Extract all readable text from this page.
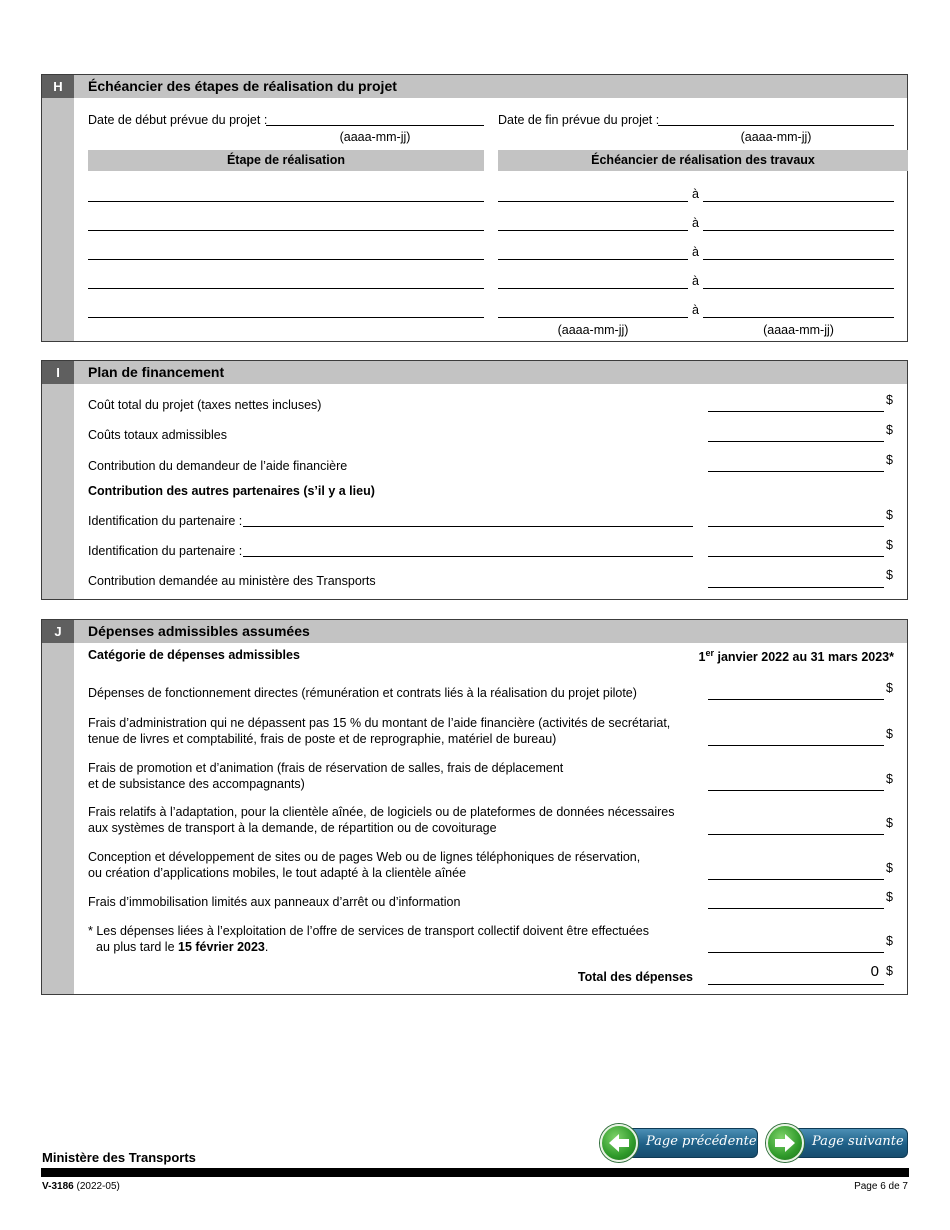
H	Échéancier des étapes de réalisation du projet
Date de début prévue du projet :
(aaaa-mm-jj)
Date de fin prévue du projet :
(aaaa-mm-jj)
Étape de réalisation	Échéancier de réalisation des travaux
à
à
à
à
à
(aaaa-mm-jj)	(aaaa-mm-jj)
I	Plan de financement
Coût total du projet (taxes nettes incluses)	$
Coûts totaux admissibles	$
Contribution du demandeur de l’aide financière	$
Contribution des autres partenaires (s’il y a lieu)
Identification du partenaire :	$
Identification du partenaire :	$
Contribution demandée au ministère des Transports	$
J	Dépenses admissibles assumées
Catégorie de dépenses admissibles	1er janvier 2022 au 31 mars 2023*
Dépenses de fonctionnement directes (rémunération et contrats liés à la réalisation du projet pilote)	$
Frais d’administration qui ne dépassent pas 15 % du montant de l’aide financière (activités de secrétariat,
tenue de livres et comptabilité, frais de poste et de reprographie, matériel de bureau)	$
Frais de promotion et d’animation (frais de réservation de salles, frais de déplacement
et de subsistance des accompagnants)	$
Frais relatifs à l’adaptation, pour la clientèle aînée, de logiciels ou de plateformes de données nécessaires
aux systèmes de transport à la demande, de répartition ou de covoiturage	$
Conception et développement de sites ou de pages Web ou de lignes téléphoniques de réservation,
ou création d’applications mobiles, le tout adapté à la clientèle aînée	$
Frais d’immobilisation limités aux panneaux d’arrêt ou d’information	$
* Les dépenses liées à l’exploitation de l’offre de services de transport collectif doivent être effectuées
au plus tard le 15 février 2023.	$
Total des dépenses	0 $
Page précédente	Page suivante
Ministère des Transports
V-3186 (2022-05)	Page 6 de 7
